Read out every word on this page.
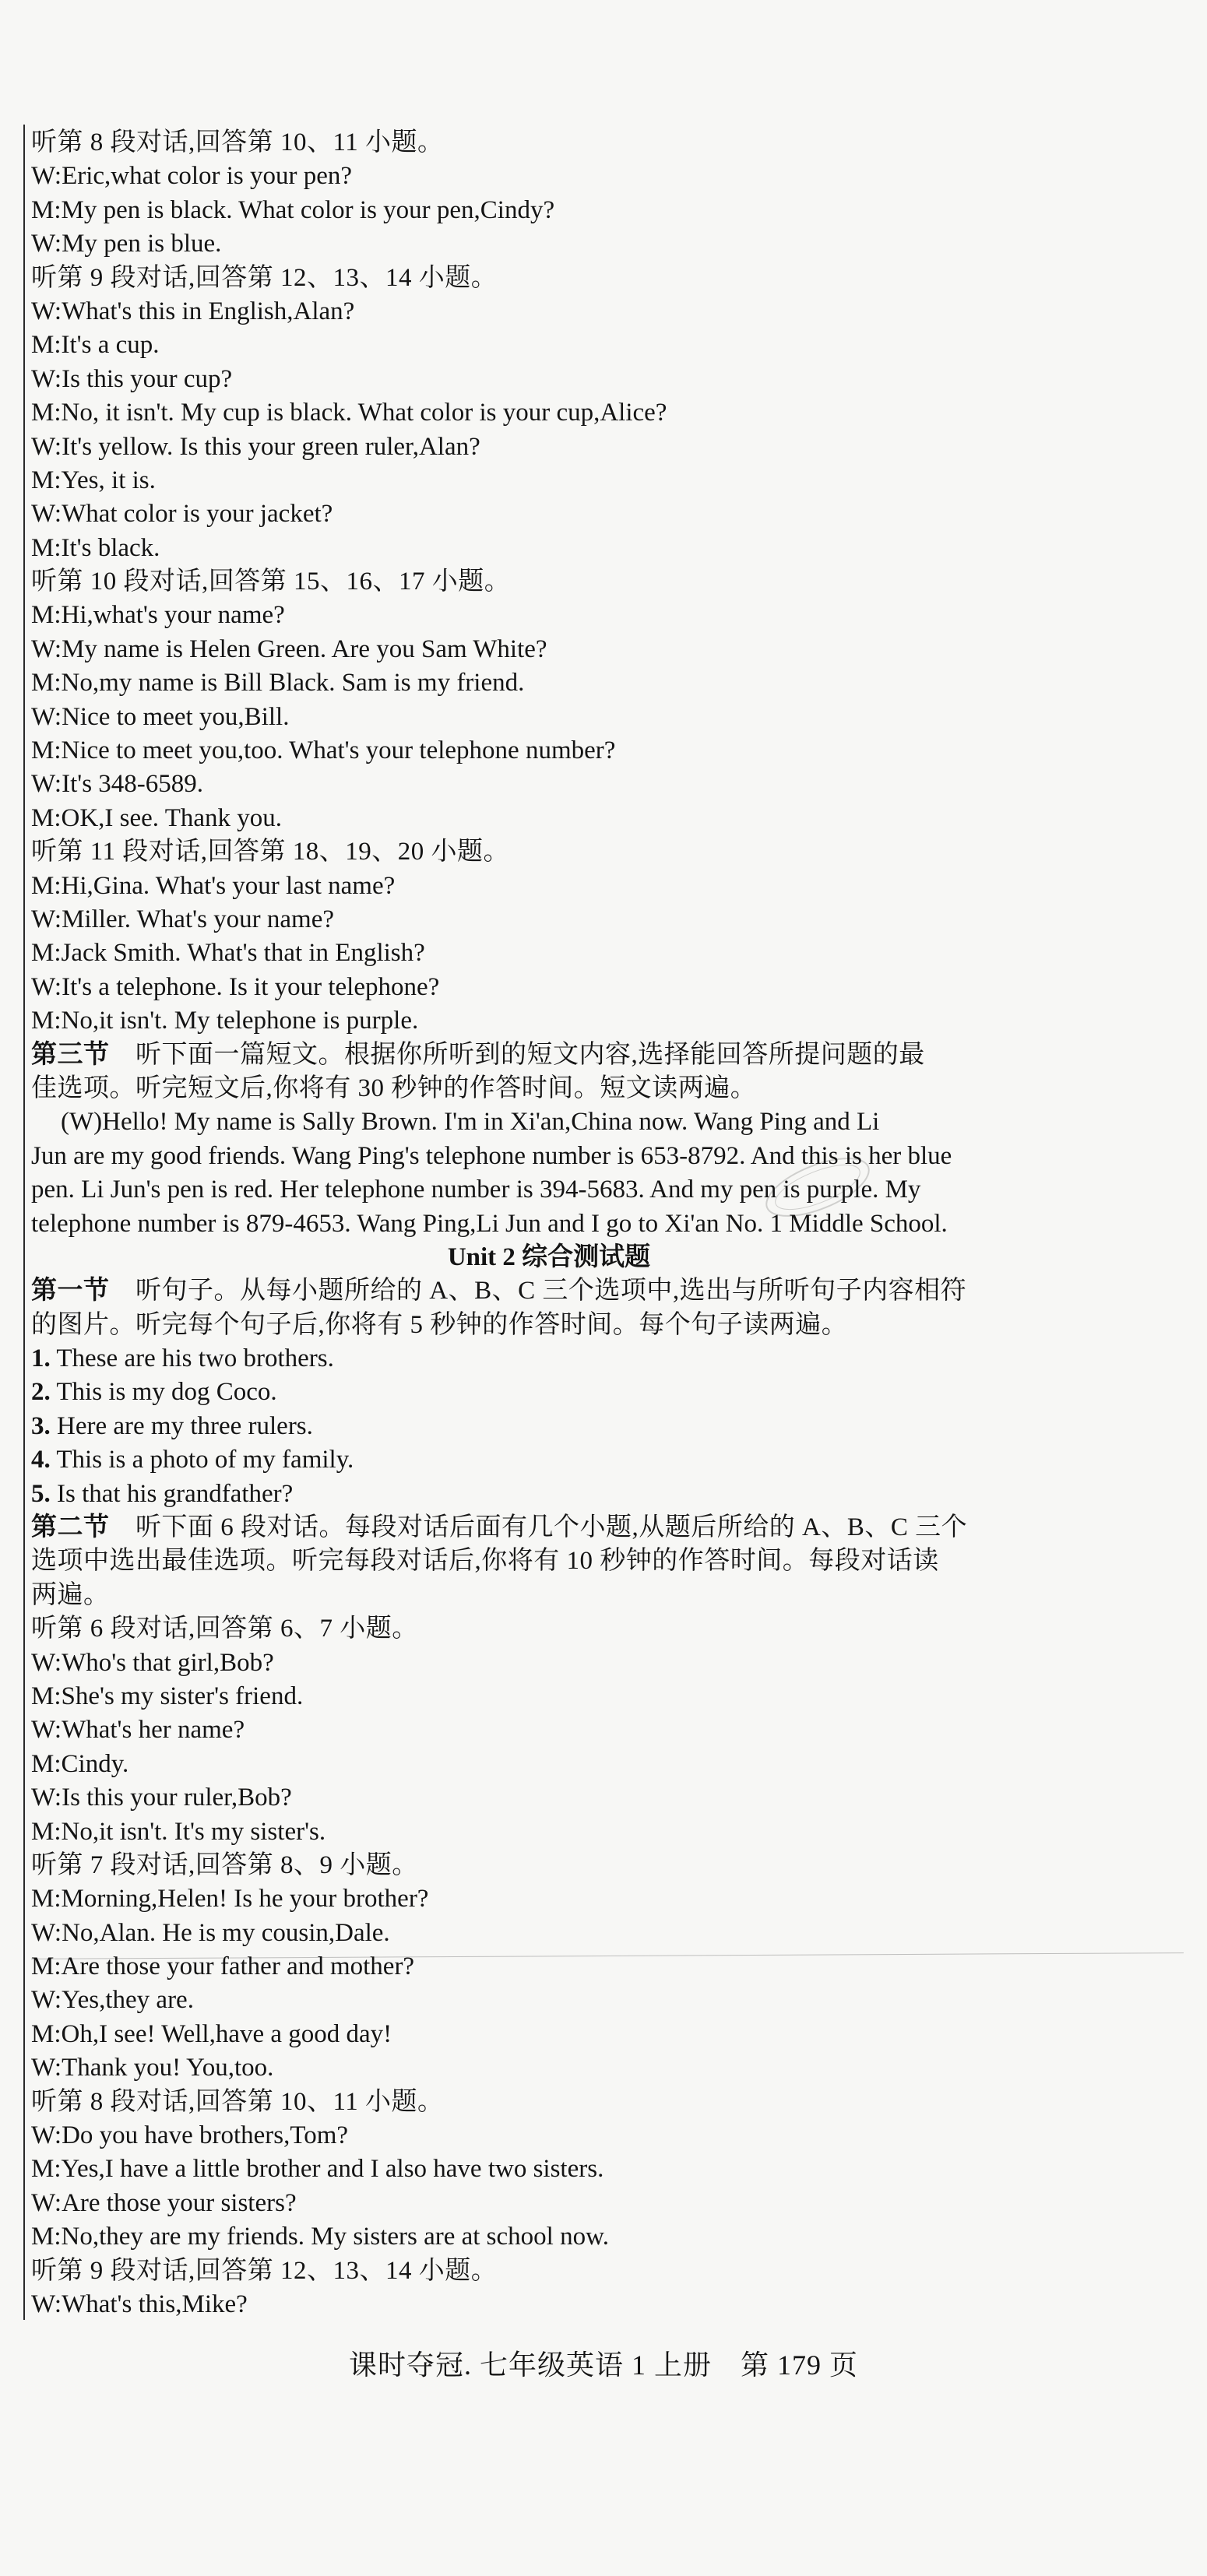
听第 8 段对话,回答第 10、11 小题。
W:Eric,what color is your pen?
M:My pen is black. What color is your pen,Cindy?
W:My pen is blue.
听第 9 段对话,回答第 12、13、14 小题。
W:What's this in English,Alan?
M:It's a cup.
W:Is this your cup?
M:No, it isn't. My cup is black. What color is your cup,Alice?
W:It's yellow. Is this your green ruler,Alan?
M:Yes, it is.
W:What color is your jacket?
M:It's black.
听第 10 段对话,回答第 15、16、17 小题。
M:Hi,what's your name?
W:My name is Helen Green. Are you Sam White?
M:No,my name is Bill Black. Sam is my friend.
W:Nice to meet you,Bill.
M:Nice to meet you,too. What's your telephone number?
W:It's 348-6589.
M:OK,I see. Thank you.
听第 11 段对话,回答第 18、19、20 小题。
M:Hi,Gina. What's your last name?
W:Miller. What's your name?
M:Jack Smith. What's that in English?
W:It's a telephone. Is it your telephone?
M:No,it isn't. My telephone is purple.
第三节　听下面一篇短文。根据你所听到的短文内容,选择能回答所提问题的最
佳选项。听完短文后,你将有 30 秒钟的作答时间。短文读两遍。
(W)Hello! My name is Sally Brown. I'm in Xi'an,China now. Wang Ping and Li
Jun are my good friends. Wang Ping's telephone number is 653-8792. And this is her blue
pen. Li Jun's pen is red. Her telephone number is 394-5683. And my pen is purple. My
telephone number is 879-4653. Wang Ping,Li Jun and I go to Xi'an No. 1 Middle School.
Unit 2 综合测试题
第一节　听句子。从每小题所给的 A、B、C 三个选项中,选出与所听句子内容相符
的图片。听完每个句子后,你将有 5 秒钟的作答时间。每个句子读两遍。
1. These are his two brothers.
2. This is my dog Coco.
3. Here are my three rulers.
4. This is a photo of my family.
5. Is that his grandfather?
第二节　听下面 6 段对话。每段对话后面有几个小题,从题后所给的 A、B、C 三个
选项中选出最佳选项。听完每段对话后,你将有 10 秒钟的作答时间。每段对话读
两遍。
听第 6 段对话,回答第 6、7 小题。
W:Who's that girl,Bob?
M:She's my sister's friend.
W:What's her name?
M:Cindy.
W:Is this your ruler,Bob?
M:No,it isn't. It's my sister's.
听第 7 段对话,回答第 8、9 小题。
M:Morning,Helen! Is he your brother?
W:No,Alan. He is my cousin,Dale.
M:Are those your father and mother?
W:Yes,they are.
M:Oh,I see! Well,have a good day!
W:Thank you! You,too.
听第 8 段对话,回答第 10、11 小题。
W:Do you have brothers,Tom?
M:Yes,I have a little brother and I also have two sisters.
W:Are those your sisters?
M:No,they are my friends. My sisters are at school now.
听第 9 段对话,回答第 12、13、14 小题。
W:What's this,Mike?
课时夺冠. 七年级英语 1 上册　第 179 页
